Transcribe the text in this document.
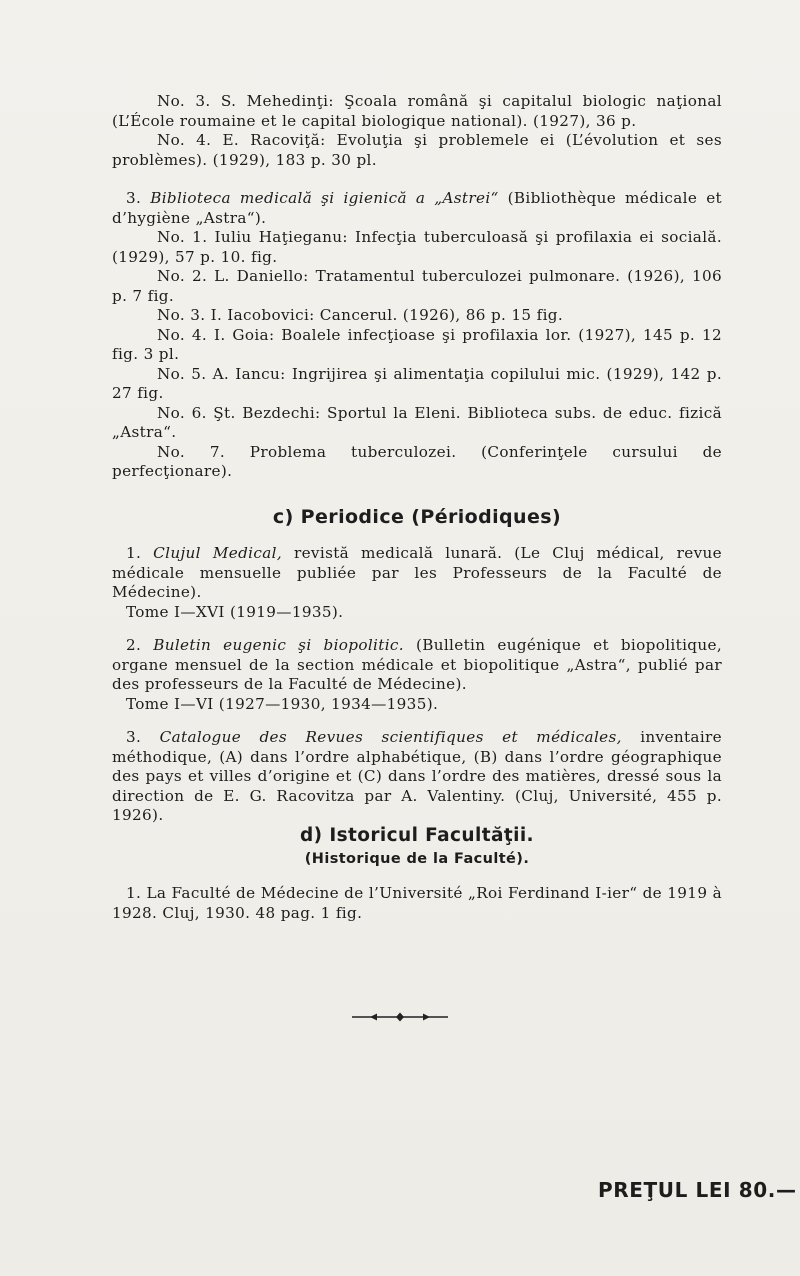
No. 3. S. Mehedinţi: Şcoala română şi capitalul biologic naţional (L’École roumaine et le capital biologique national). (1927), 36 p.

No. 4. E. Racoviţă: Evoluţia şi problemele ei (L’évolution et ses problèmes). (1929), 183 p. 30 pl.

3. Biblioteca medicală şi igienică a „Astrei“ (Bibliothèque médicale et d’hygiène „Astra“).

No. 1. Iuliu Haţieganu: Infecţia tuberculoasă şi profilaxia ei socială. (1929), 57 p. 10. fig.

No. 2. L. Daniello: Tratamentul tuberculozei pulmonare. (1926), 106 p. 7 fig.

No. 3. I. Iacobovici: Cancerul. (1926), 86 p. 15 fig.

No. 4. I. Goia: Boalele infecţioase şi profilaxia lor. (1927), 145 p. 12 fig. 3 pl.

No. 5. A. Iancu: Ingrijirea şi alimentaţia copilului mic. (1929), 142 p. 27 fig.

No. 6. Şt. Bezdechi: Sportul la Eleni. Biblioteca subs. de educ. fizică „Astra“.

No. 7. Problema tuberculozei. (Conferinţele cursului de perfecţionare).

c) Periodice (Périodiques)

1. Clujul Medical, revistă medicală lunară. (Le Cluj médical, revue médicale mensuelle publiée par les Professeurs de la Faculté de Médecine).

Tome I—XVI (1919—1935).

2. Buletin eugenic şi biopolitic. (Bulletin eugénique et biopolitique, organe mensuel de la section médicale et biopolitique „Astra“, publié par des professeurs de la Faculté de Médecine).

Tome I—VI (1927—1930, 1934—1935).

3. Catalogue des Revues scientifiques et médicales, inventaire méthodique, (A) dans l’ordre alphabétique, (B) dans l’ordre géographique des pays et villes d’origine et (C) dans l’ordre des matières, dressé sous la direction de E. G. Racovitza par A. Valentiny. (Cluj, Université, 455 p. 1926).

d) Istoricul Facultăţii.

(Historique de la Faculté).

1. La Faculté de Médecine de l’Université „Roi Ferdinand I-ier“ de 1919 à 1928. Cluj, 1930. 48 pag. 1 fig.

PREŢUL LEI 80.—
